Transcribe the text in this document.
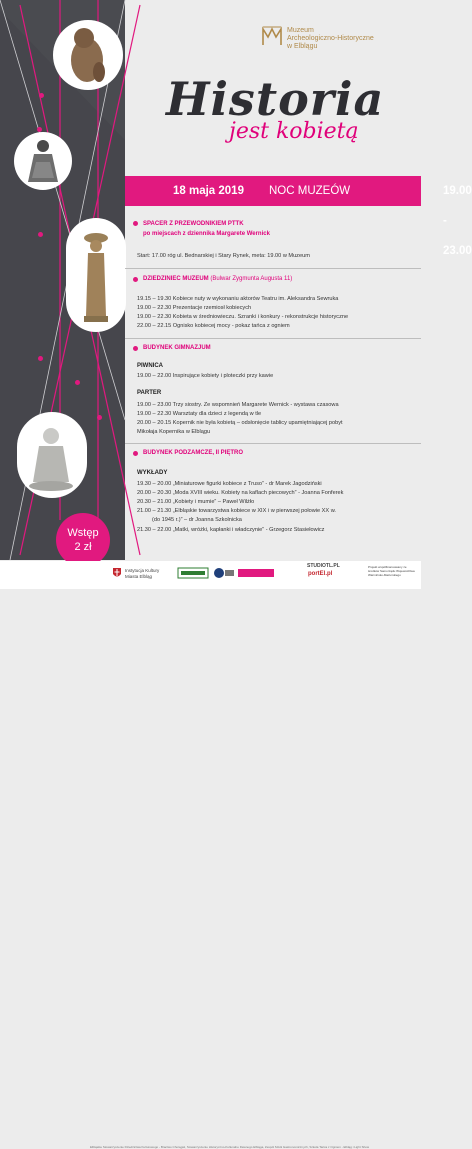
Muzeum
Archeologiczno-Historyczne
w Elblągu
Historia
jest kobietą
18 maja 2019 NOC MUZEÓW	19.00 - 23.00
SPACER Z PRZEWODNIKIEM PTTK
po miejscach z dziennika Margarete Wernick
Start: 17.00 róg ul. Bednarskiej i Stary Rynek, meta: 19.00 w Muzeum
DZIEDZINIEC MUZEUM (Bulwar Zygmunta Augusta 11)
19.15 – 19.30 Kobiece nuty w wykonaniu aktorów Teatru im. Aleksandra Sewruka
19.00 – 22.30 Prezentacje rzemiosł kobiecych
19.00 – 22.30 Kobieta w średniowieczu. Szranki i konkury - rekonstrukcje historyczne
22.00 – 22.15 Ognisko kobiecej mocy - pokaz tańca z ogniem
BUDYNEK GIMNAZJUM
PIWNICA
19.00 – 22.00 Inspirujące kobiety i ploteczki przy kawie
PARTER
19.00 – 23.00 Trzy siostry. Ze wspomnień Margarete Wernick - wystawa czasowa
19.00 – 22.30 Warsztaty dla dzieci z legendą w tle
20.00 – 20.15 Kopernik nie była kobietą – odsłonięcie tablicy upamiętniającej pobyt
Mikołaja Kopernika w Elblągu
BUDYNEK PODZAMCZE, II PIĘTRO
WYKŁADY
19.30 – 20.00 „Miniaturowe figurki kobiece z Truso” - dr Marek Jagodziński
20.00 – 20.30 „Moda XVIII wieku. Kobiety na kaflach piecowych” - Joanna Fonferek
20.30 – 21.00 „Kobiety i mumie” – Paweł Wilżło
21.00 – 21.30 „Elbląskie towarzystwa kobiece w XIX i w pierwszej połowie XX w.
(do 1945 r.)” – dr Joanna Szkolnicka
21.30 – 22.00 „Matki, wróżki, kapłanki i władczynie” - Grzegorz Stasiełowicz
Wstęp
2 zł
Instytucja Kultury
Miasta Elbląg
STUDIOTL.PL
portEl.pl
Projekt współfinansowany ze środków Samorządu Województwa Warmińsko-Mazurskiego
Elbląskie Stowarzyszenie Dziedzictwa Kulturowego - Bractwo Chorągwi, Stowarzyszenie Historyczno-Kulturalne Dawnego Elbląga, Zespół Szkół Gastronomicznych, Szkoła Tańca z Ogniem - Elbląg i Light Show
